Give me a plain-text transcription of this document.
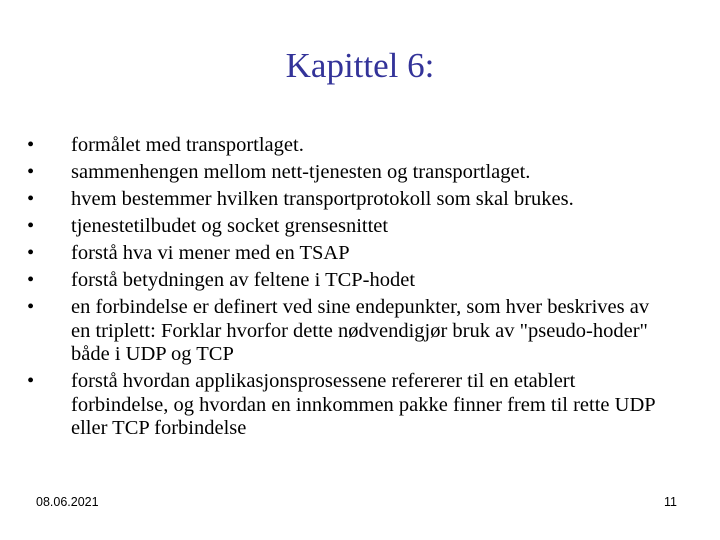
Kapittel 6:
• formålet med transportlaget.
• sammenhengen mellom nett-tjenesten og transportlaget.
• hvem bestemmer hvilken transportprotokoll som skal brukes.
• tjenestetilbudet og socket grensesnittet
• forstå hva vi mener med en TSAP
• forstå betydningen av feltene i TCP-hodet
• en forbindelse er definert ved sine endepunkter, som hver beskrives av en triplett: Forklar hvorfor dette nødvendigjør bruk av "pseudo-hoder" både i UDP og TCP
• forstå hvordan applikasjonsprosessene refererer til en etablert forbindelse, og hvordan en innkommen pakke finner frem til rette UDP eller TCP forbindelse
08.06.2021	11
